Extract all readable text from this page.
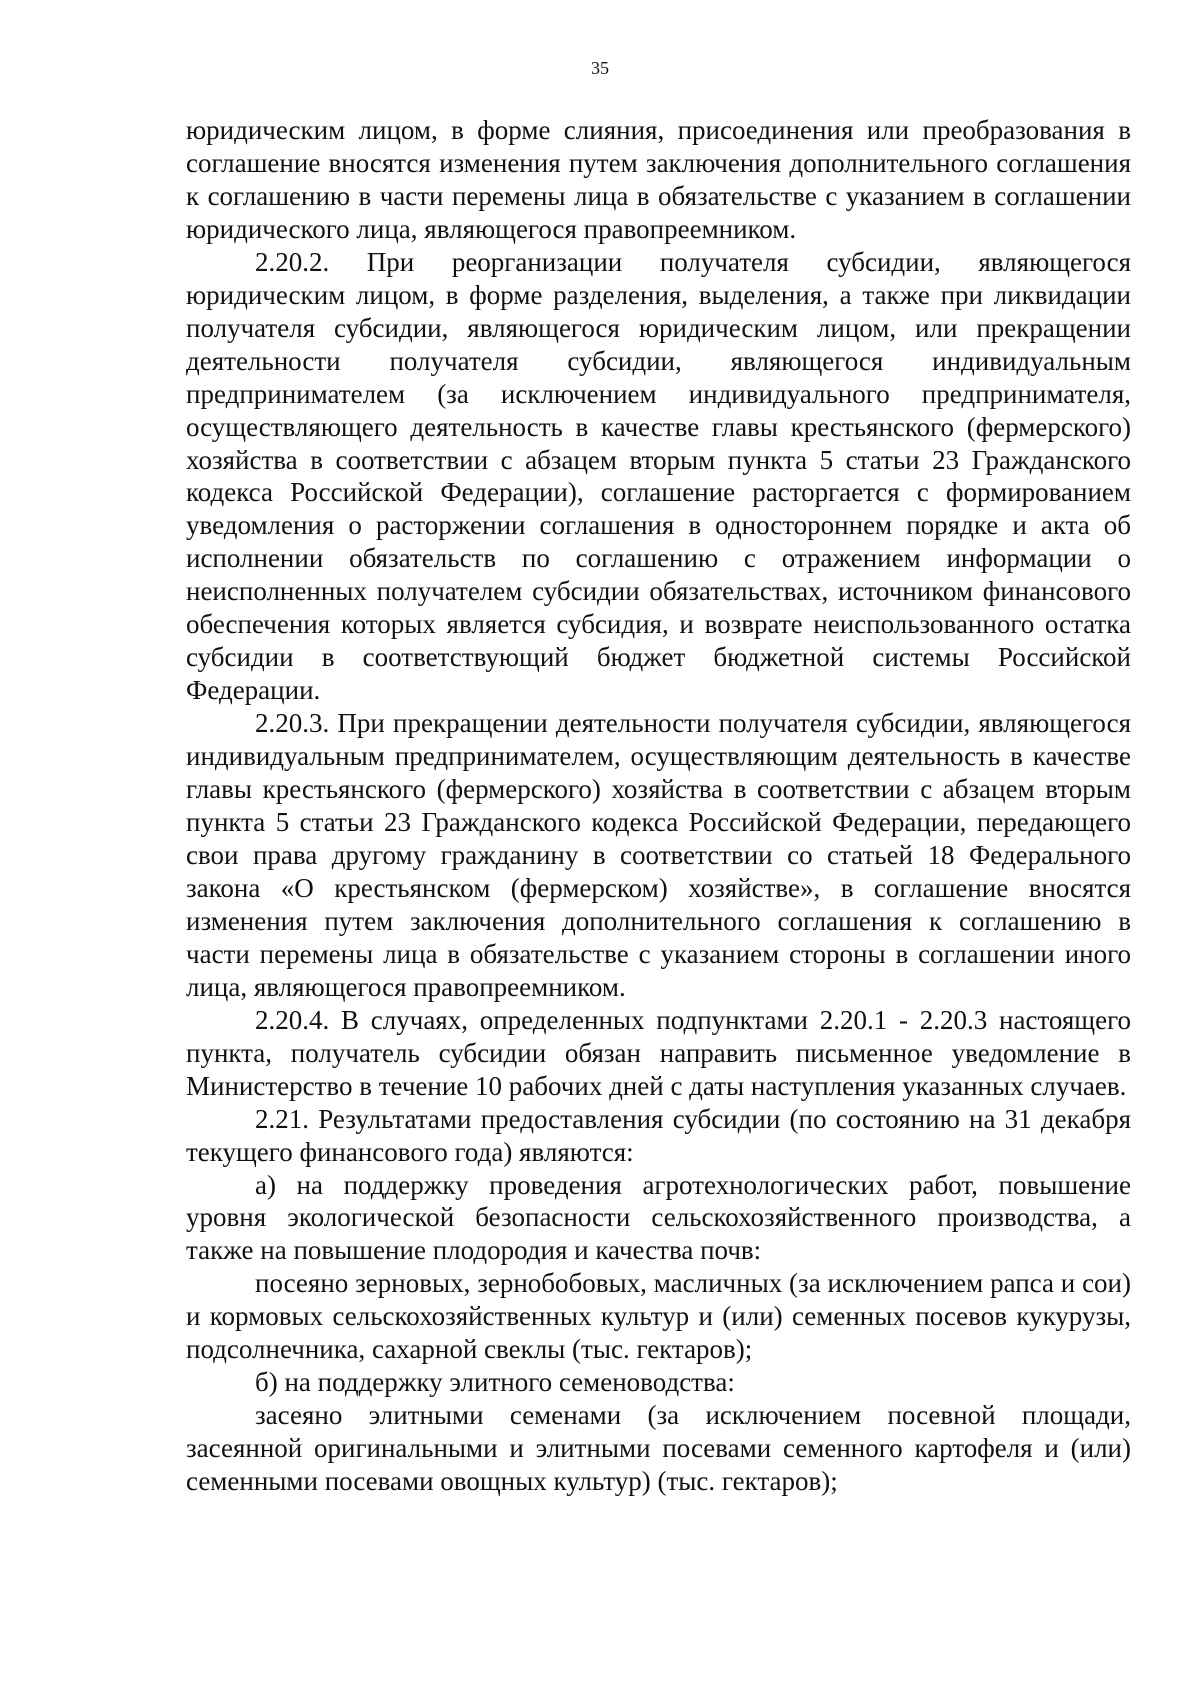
35

юридическим лицом, в форме слияния, присоединения или преобразования в соглашение вносятся изменения путем заключения дополнительного соглашения к соглашению в части перемены лица в обязательстве с указанием в соглашении юридического лица, являющегося правопреемником.

2.20.2. При реорганизации получателя субсидии, являющегося юридическим лицом, в форме разделения, выделения, а также при ликвидации получателя субсидии, являющегося юридическим лицом, или прекращении деятельности получателя субсидии, являющегося индивидуальным предпринимателем (за исключением индивидуального предпринимателя, осуществляющего деятельность в качестве главы крестьянского (фермерского) хозяйства в соответствии с абзацем вторым пункта 5 статьи 23 Гражданского кодекса Российской Федерации), соглашение расторгается с формированием уведомления о расторжении соглашения в одностороннем порядке и акта об исполнении обязательств по соглашению с отражением информации о неисполненных получателем субсидии обязательствах, источником финансового обеспечения которых является субсидия, и возврате неиспользованного остатка субсидии в соответствующий бюджет бюджетной системы Российской Федерации.

2.20.3. При прекращении деятельности получателя субсидии, являющегося индивидуальным предпринимателем, осуществляющим деятельность в качестве главы крестьянского (фермерского) хозяйства в соответствии с абзацем вторым пункта 5 статьи 23 Гражданского кодекса Российской Федерации, передающего свои права другому гражданину в соответствии со статьей 18 Федерального закона «О крестьянском (фермерском) хозяйстве», в соглашение вносятся изменения путем заключения дополнительного соглашения к соглашению в части перемены лица в обязательстве с указанием стороны в соглашении иного лица, являющегося правопреемником.

2.20.4. В случаях, определенных подпунктами 2.20.1 - 2.20.3 настоящего пункта, получатель субсидии обязан направить письменное уведомление в Министерство в течение 10 рабочих дней с даты наступления указанных случаев.

2.21. Результатами предоставления субсидии (по состоянию на 31 декабря текущего финансового года) являются:

а) на поддержку проведения агротехнологических работ, повышение уровня экологической безопасности сельскохозяйственного производства, а также на повышение плодородия и качества почв:

посеяно зерновых, зернобобовых, масличных (за исключением рапса и сои) и кормовых сельскохозяйственных культур и (или) семенных посевов кукурузы, подсолнечника, сахарной свеклы (тыс. гектаров);

б) на поддержку элитного семеноводства:

засеяно элитными семенами (за исключением посевной площади, засеянной оригинальными и элитными посевами семенного картофеля и (или) семенными посевами овощных культур) (тыс. гектаров);
